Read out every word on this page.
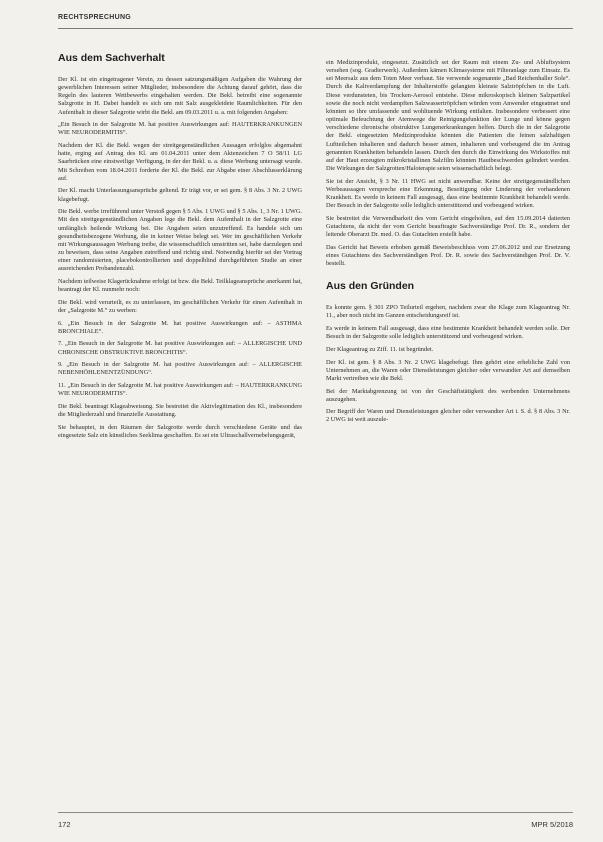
RECHTSPRECHUNG
Aus dem Sachverhalt

Der Kl. ist ein eingetragener Verein, zu dessen satzungsmäßigen Aufgaben die Wahrung der gewerblichen Interessen seiner Mitglieder, insbesondere die Achtung darauf gehört, dass die Regeln des lauteren Wettbewerbs eingehalten werden. Die Bekl. betreibt eine sogenannte Salzgrotte in H. Dabei handelt es sich um mit Salz ausgekleidete Raumlichkeiten. Für den Aufenthalt in dieser Salzgrotte wirbt die Bekl. am 09.03.2011 u. a. mit folgenden Angaben:

„Ein Besuch in der Salzgrotte M. hat positive Auswirkungen auf: HAUTERKRANKUNGEN WIE NEURODERMITIS“.

Nachdem der Kl. die Bekl. wegen der streitgegenständlichen Aussagen erfolglos abgemahnt hatte, erging auf Antrag des Kl. am 01.04.2011 unter dem Aktenzeichen 7 O 58/11 LG Saarbrücken eine einstweilige Verfügung, in der der Bekl. u. a. diese Werbung untersagt wurde. Mit Schreiben vom 18.04.2011 forderte der Kl. die Bekl. zur Abgabe einer Abschlusserklärung auf.

Der Kl. macht Unterlassungsansprüche geltend. Er trägt vor, er sei gem. § 8 Abs. 3 Nr. 2 UWG klagebefugt.

Die Bekl. werbe irreführend unter Verstoß gegen § 5 Abs. 1 UWG und § 5 Abs. 1, 3 Nr. 1 UWG. Mit den streitgegenständlichen Angaben lege die Bekl. dem Aufenthalt in der Salzgrotte eine umfänglich heilende Wirkung bei. Die Angaben seien unzutreffend. Es handele sich um gesundheitsbezogene Werbung, die in keiner Weise belegt sei. Wer im geschäftlichen Verkehr mit Wirkungsaussagen Werbung treibe, die wissenschaftlich umstritten sei, habe darzulegen und zu beweisen, dass seine Angaben zutreffend und richtig sind. Notwendig hierfür sei der Vortrag einer randomisierten, placebokontrollierten und doppelblind durchgeführten Studie an einer ausreichenden Probandenzahl.

Nachdem teilweise Klagerücknahme erfolgt ist bzw. die Bekl. Teilklageansprüche anerkannt hat, beantragt der Kl. nunmehr noch:

Die Bekl. wird verurteilt, es zu unterlassen, im geschäftlichen Verkehr für einen Aufenthalt in der „Salzgrotte M.“ zu werben:

6. „Ein Besuch in der Salzgrotte M. hat positive Auswirkungen auf: – ASTHMA BRONCHIALE“.

7. „Ein Besuch in der Salzgrotte M. hat positive Auswirkungen auf: – ALLERGISCHE UND CHRONISCHE OBSTRUKTIVE BRONCHITIS“.

9. „Ein Besuch in der Salzgrotte M. hat positive Auswirkungen auf: – ALLERGISCHE NEBENHÖHLENENTZÜNDUNG“.

11. „Ein Besuch in der Salzgrotte M. hat positive Auswirkungen auf: – HAUTERKRANKUNG WIE NEURODERMITIS“.

Die Bekl. beantragt Klageabweisung. Sie bestreitet die Aktivlegitimation des Kl., insbesondere die Mitgliederzahl und finanzielle Ausstattung.

Sie behauptet, in den Räumen der Salzgrotte werde durch verschiedene Geräte und das eingesetzte Salz ein künstliches Seeklima geschaffen. Es sei ein Ultraschallvernebelungsgerät,

ein Medizinprodukt, eingesetzt. Zusätzlich sei der Raum mit einem Zu- und Abluftsystem versehen (sog. Gradierwerk). Außerdem kämen Klimasysteme mit Filteranlage zum Einsatz. Es sei Meersalz aus dem Toten Meer verbaut. Sie verwende sogenannte „Bad Reichenhaller Sole“. Durch die Kaltverdampfung der Inhalierstoffe gelangten kleinste Salztröpfchen in die Luft. Diese verdunsteten, bis Trocken-Aerosol entstehe. Diese mikroskopisch kleinen Salzpartikel sowie die noch nicht verdampften Salzwassertröpfchen würden vom Anwender eingeatmet und könnten so ihre umfassende und wohltuende Wirkung entfalten. Insbesondere verbessert eine optimale Befeuchtung der Atemwege die Reinigungsfunktion der Lunge und könne gegen verschiedene chronische obstruktive Lungenerkrankungen helfen. Durch die in der Salzgrotte der Bekl. eingesetzten Medizinprodukte könnten die Patienten die feinen salzhaltigen Luftteilchen inhalieren und dadurch besser atmen, inhalieren und vorbeugend die im Antrag genannten Krankheiten behandeln lassen. Durch den durch die Einwirkung des Wirkstoffes mit auf der Haut erzeugten mikrokristallinen Salzfilm könnten Hautbeschwerden gelindert werden. Die Wirkungen der Salzgrotten/Haloterapie seien wissenschaftlich belegt.

Sie ist der Ansicht, § 3 Nr. 11 HWG sei nicht anwendbar. Keine der streitgegenständlichen Werbeaussagen verspreche eine Erkennung, Beseitigung oder Linderung der vorhandenen Krankheit. Es werde in keinem Fall ausgesagt, dass eine bestimmte Krankheit behandelt werde. Der Besuch in der Salzgrotte solle lediglich unterstützend und vorbeugend wirken.

Sie bestreitet die Verwendbarkeit des vom Gericht eingeholten, auf den 15.09.2014 datierten Gutachtens, da nicht der vom Gericht beauftragte Sachverständige Prof. Dr. R., sondern der leitende Oberarzt Dr. med. O. das Gutachten erstellt habe.

Das Gericht hat Beweis erhoben gemäß Beweisbeschluss vom 27.06.2012 und zur Ersetzung eines Gutachtens des Sachverständigen Prof. Dr. R. sowie des Sachverständigen Prof. Dr. V. bestellt.

Aus den Gründen

Es konnte gem. § 301 ZPO Teilurteil ergehen, nachdem zwar die Klage zum Klageantrag Nr. 11., aber noch nicht im Ganzen entscheidungsreif ist.

Es werde in keinem Fall ausgesagt, dass eine bestimmte Krankheit behandelt werden solle. Der Besuch in der Salzgrotte solle lediglich unterstützend und vorbeugend wirken.

Der Klageantrag zu Ziff. 11. ist begründet.

Der Kl. ist gem. § 8 Abs. 3 Nr. 2 UWG klagebefugt. Ihm gehört eine erhebliche Zahl von Unternehmen an, die Waren oder Dienstleistungen gleicher oder verwandter Art auf demselben Markt vertreiben wie die Bekl.

Bei der Marktabgrenzung ist von der Geschäftstätigkeit des werbenden Unternehmens auszugehen.

Der Begriff der Waren und Dienstleistungen gleicher oder verwandter Art i. S. d. § 8 Abs. 3 Nr. 2 UWG ist weit auszule-

172	MPR 5/2018
